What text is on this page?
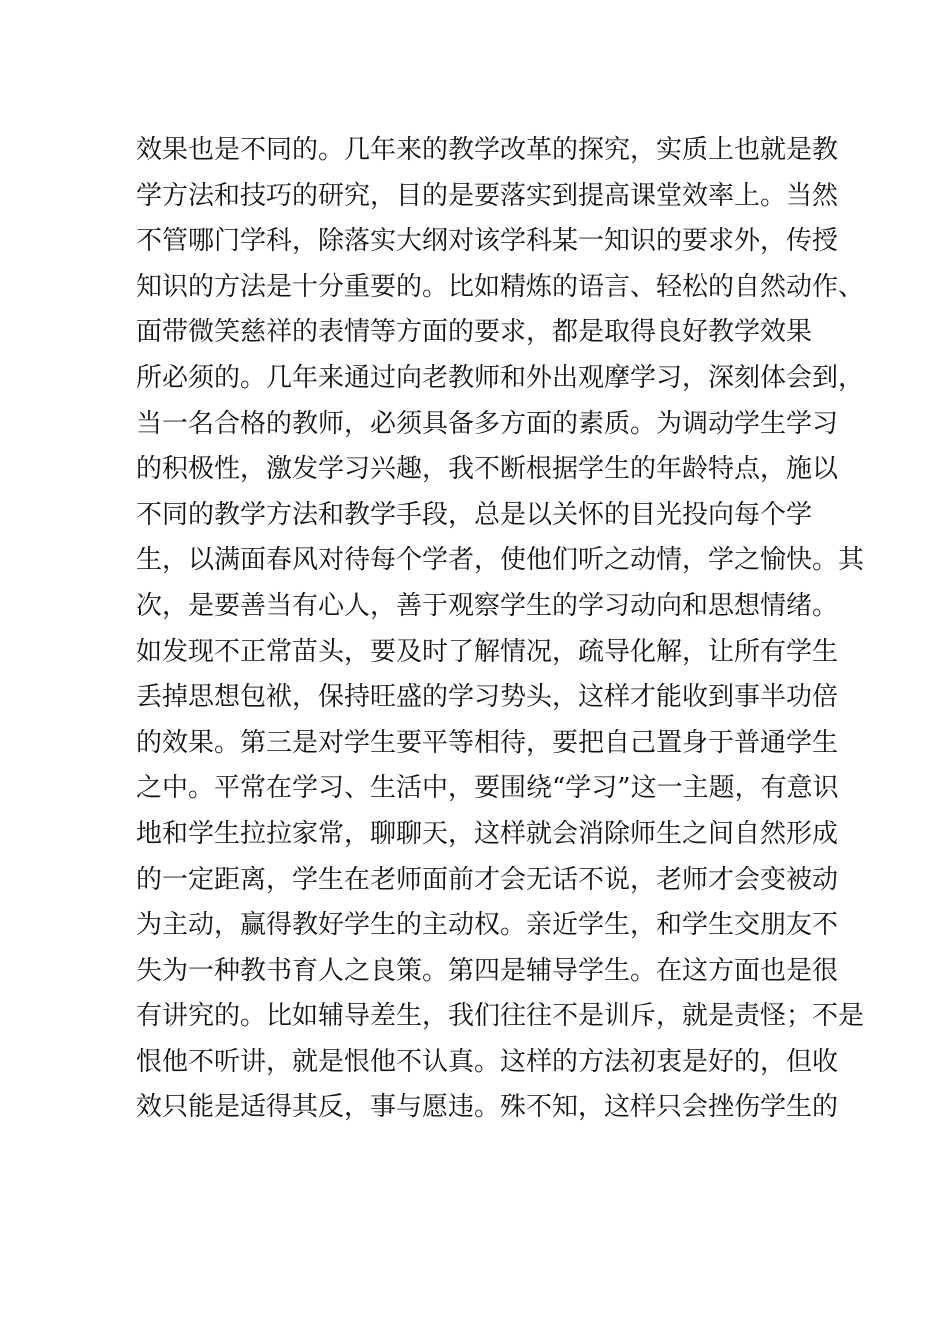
效果也是不同的。几年来的教学改革的探究，实质上也就是教
学方法和技巧的研究，目的是要落实到提高课堂效率上。当然
不管哪门学科，除落实大纲对该学科某一知识的要求外，传授
知识的方法是十分重要的。比如精炼的语言、轻松的自然动作、
面带微笑慈祥的表情等方面的要求，都是取得良好教学效果
所必须的。几年来通过向老教师和外出观摩学习，深刻体会到，
当一名合格的教师，必须具备多方面的素质。为调动学生学习
的积极性，激发学习兴趣，我不断根据学生的年龄特点，施以
不同的教学方法和教学手段，总是以关怀的目光投向每个学
生，以满面春风对待每个学者，使他们听之动情，学之愉快。其
次，是要善当有心人，善于观察学生的学习动向和思想情绪。
如发现不正常苗头，要及时了解情况，疏导化解，让所有学生
丢掉思想包袱，保持旺盛的学习势头，这样才能收到事半功倍
的效果。第三是对学生要平等相待，要把自己置身于普通学生
之中。平常在学习、生活中，要围绕“学习”这一主题，有意识
地和学生拉拉家常，聊聊天，这样就会消除师生之间自然形成
的一定距离，学生在老师面前才会无话不说，老师才会变被动
为主动，赢得教好学生的主动权。亲近学生，和学生交朋友不
失为一种教书育人之良策。第四是辅导学生。在这方面也是很
有讲究的。比如辅导差生，我们往往不是训斥，就是责怪；不是
恨他不听讲，就是恨他不认真。这样的方法初衷是好的，但收
效只能是适得其反，事与愿违。殊不知，这样只会挫伤学生的
